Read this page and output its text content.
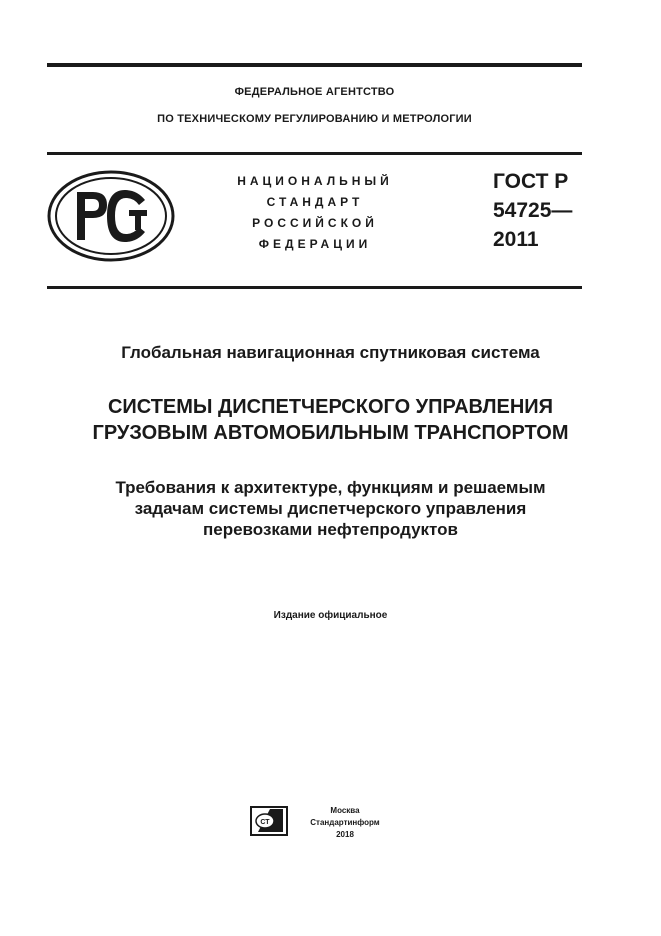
ФЕДЕРАЛЬНОЕ АГЕНТСТВО
ПО ТЕХНИЧЕСКОМУ РЕГУЛИРОВАНИЮ И МЕТРОЛОГИИ
НАЦИОНАЛЬНЫЙ
СТАНДАРТ
РОССИЙСКОЙ
ФЕДЕРАЦИИ
ГОСТ Р
54725—
2011
Глобальная навигационная спутниковая система
СИСТЕМЫ ДИСПЕТЧЕРСКОГО УПРАВЛЕНИЯ
ГРУЗОВЫМ АВТОМОБИЛЬНЫМ ТРАНСПОРТОМ
Требования к архитектуре, функциям и решаемым
задачам системы диспетчерского управления
перевозками нефтепродуктов
Издание официальное
СТ
Москва
Стандартинформ
2018
